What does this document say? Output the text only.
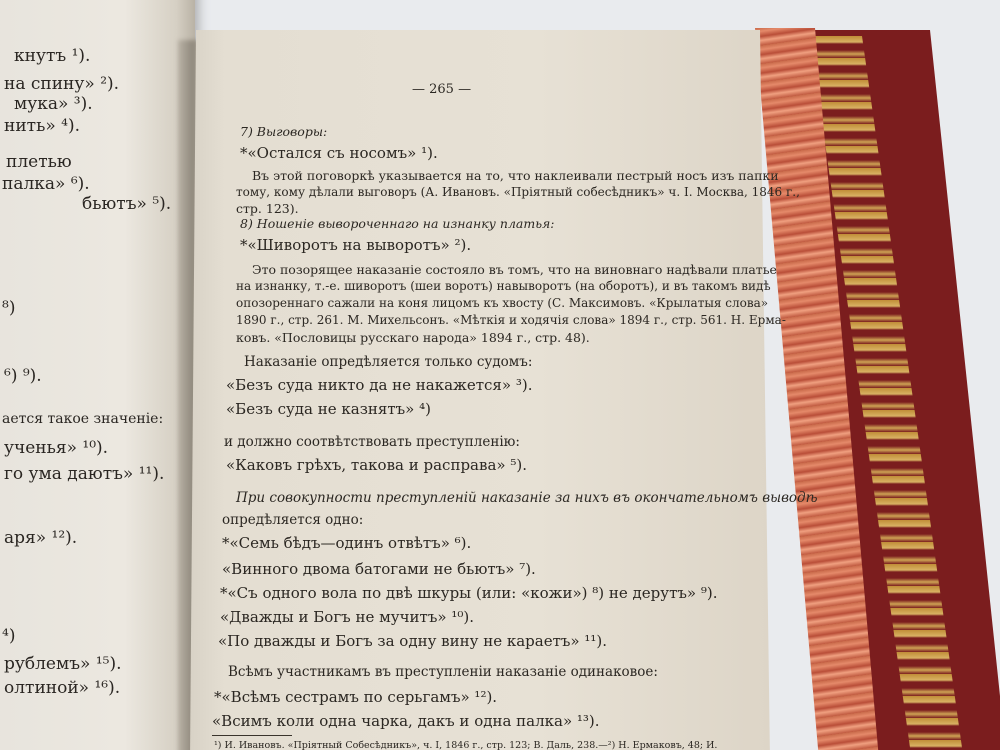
кнутъ ¹).
на спину» ²).
мука» ³).
нить» ⁴).
плетью
палка» ⁶).
бьютъ» ⁵).
⁸)
⁶) ⁹).
ается такое значеніе:
ученья» ¹⁰).
го ума даютъ» ¹¹).
аря» ¹²).
⁴)
рублемъ» ¹⁵).
олтиной» ¹⁶).
— 265 —
7) Выговоры:
*«Остался съ носомъ» ¹).
Въ этой поговоркѣ указывается на то, что наклеивали пестрый носъ изъ папки
тому, кому дѣлали выговоръ (А. Ивановъ. «Пріятный собесѣдникъ» ч. I. Москва, 1846 г.,
стр. 123).
8) Ношеніе вывороченнаго на изнанку платья:
*«Шиворотъ на выворотъ» ²).
Это позорящее наказаніе состояло въ томъ, что на виновнаго надѣвали платье
на изнанку, т.-е. шиворотъ (шеи воротъ) навыворотъ (на оборотъ), и въ такомъ видѣ
опозореннаго сажали на коня лицомъ къ хвосту (С. Максимовъ. «Крылатыя слова»
1890 г., стр. 261. М. Михельсонъ. «Мѣткія и ходячія слова» 1894 г., стр. 561. Н. Ерма-
ковъ. «Пословицы русскаго народа» 1894 г., стр. 48).
Наказаніе опредѣляется только судомъ:
«Безъ суда никто да не накажется» ³).
«Безъ суда не казнятъ» ⁴)
и должно соотвѣтствовать преступленію:
«Каковъ грѣхъ, такова и расправа» ⁵).
При совокупности преступленій наказаніе за нихъ въ окончательномъ выводѣ
опредѣляется одно:
*«Семь бѣдъ—одинъ отвѣтъ» ⁶).
«Винного двома батогами не бьютъ» ⁷).
*«Съ одного вола по двѣ шкуры (или: «кожи») ⁸) не дерутъ» ⁹).
«Дважды и Богъ не мучитъ» ¹⁰).
«По дважды и Богъ за одну вину не караетъ» ¹¹).
Всѣмъ участникамъ въ преступленіи наказаніе одинаковое:
*«Всѣмъ сестрамъ по серьгамъ» ¹²).
«Всимъ коли одна чарка, дакъ и одна палка» ¹³).
¹) И. Ивановъ. «Пріятный Собесѣдникъ», ч. I, 1846 г., стр. 123; В. Даль, 238.—²) Н. Ермаковъ, 48; И.
